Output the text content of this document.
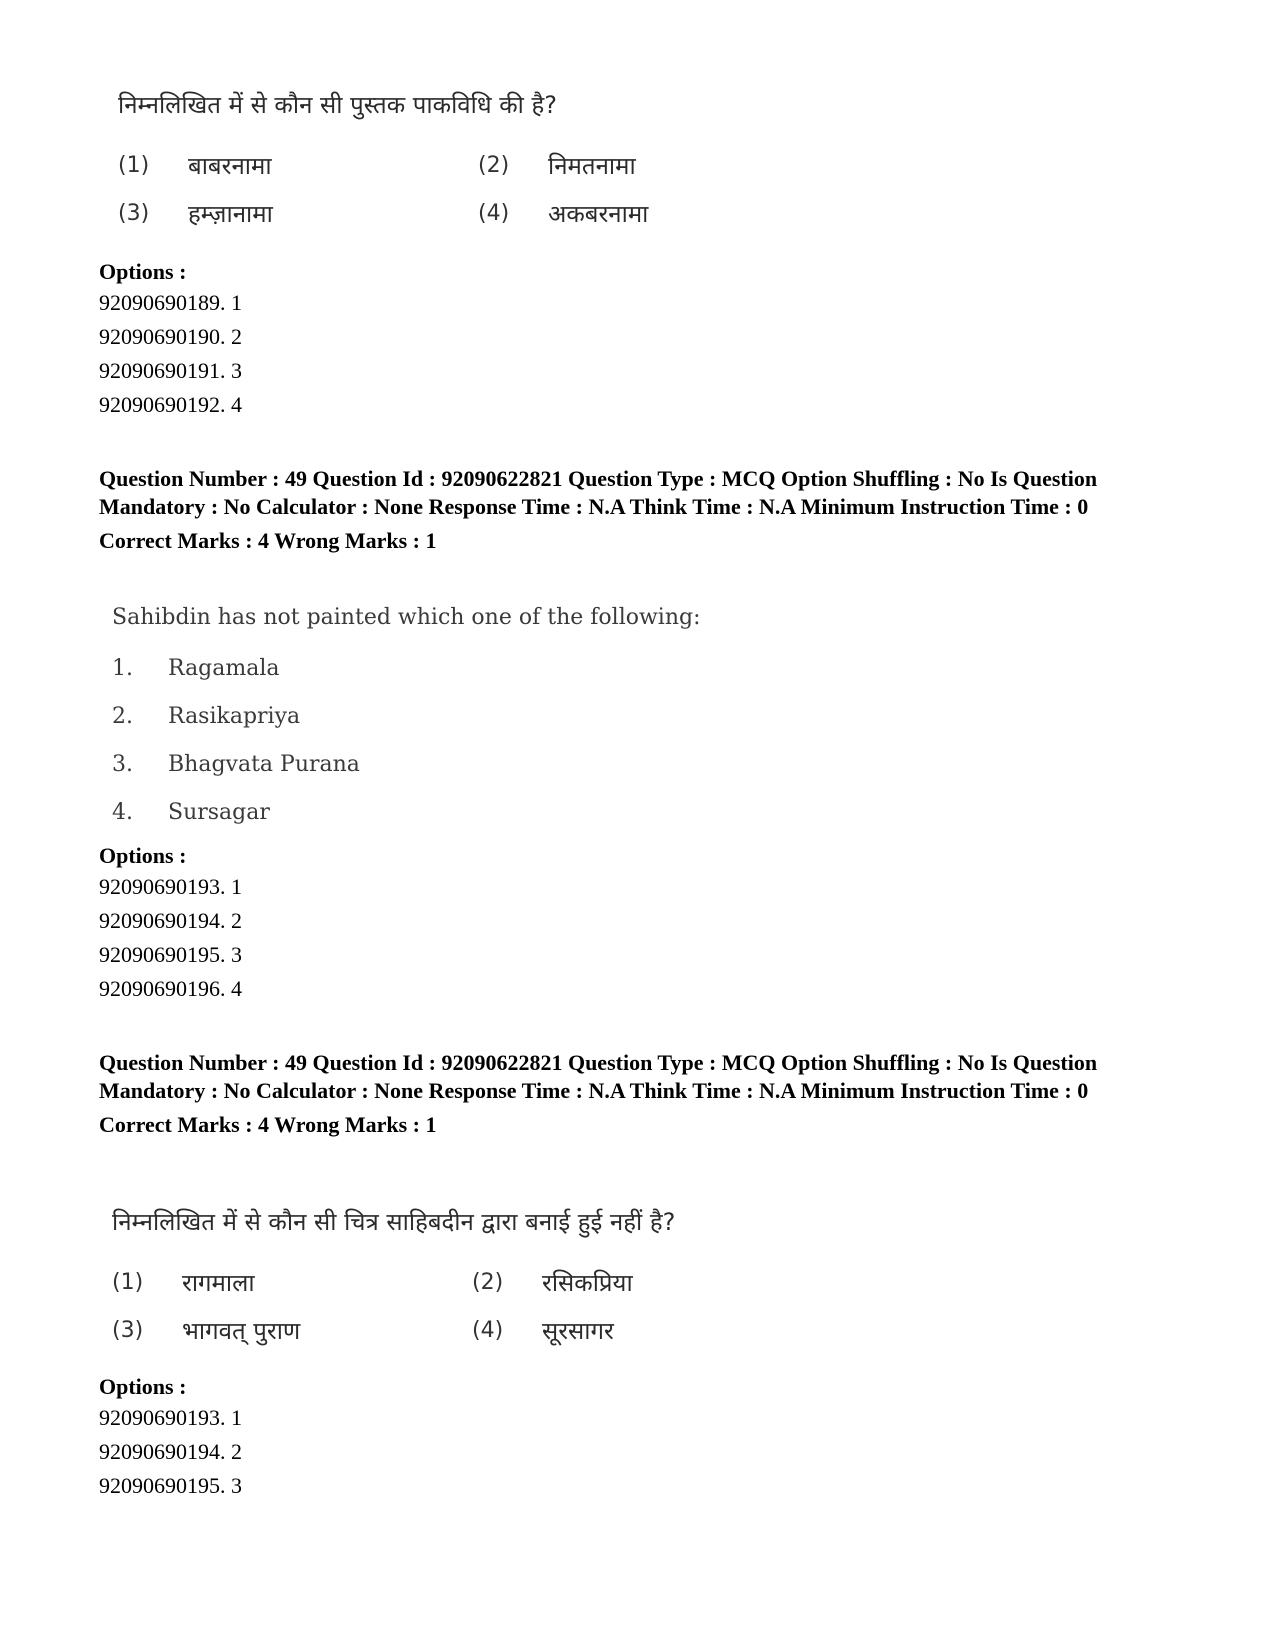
निम्नलिखित में से कौन सी पुस्तक पाकविधि की है?

(1)	बाबरनामा	(2)	निमतनामा
(3)	हम्ज़ानामा	(4)	अकबरनामा

Options :

92090690189. 1

92090690190. 2

92090690191. 3

92090690192. 4

Question Number : 49 Question Id : 92090622821 Question Type : MCQ Option Shuffling : No Is Question Mandatory : No Calculator : None Response Time : N.A Think Time : N.A Minimum Instruction Time : 0

Correct Marks : 4 Wrong Marks : 1

Sahibdin has not painted which one of the following:

1.	Ragamala
2.	Rasikapriya
3.	Bhagvata Purana
4.	Sursagar

Options :

92090690193. 1

92090690194. 2

92090690195. 3

92090690196. 4

Question Number : 49 Question Id : 92090622821 Question Type : MCQ Option Shuffling : No Is Question Mandatory : No Calculator : None Response Time : N.A Think Time : N.A Minimum Instruction Time : 0

Correct Marks : 4 Wrong Marks : 1

निम्नलिखित में से कौन सी चित्र साहिबदीन द्वारा बनाई हुई नहीं है?

(1)	रागमाला	(2)	रसिकप्रिया
(3)	भागवत् पुराण	(4)	सूरसागर

Options :

92090690193. 1

92090690194. 2

92090690195. 3
